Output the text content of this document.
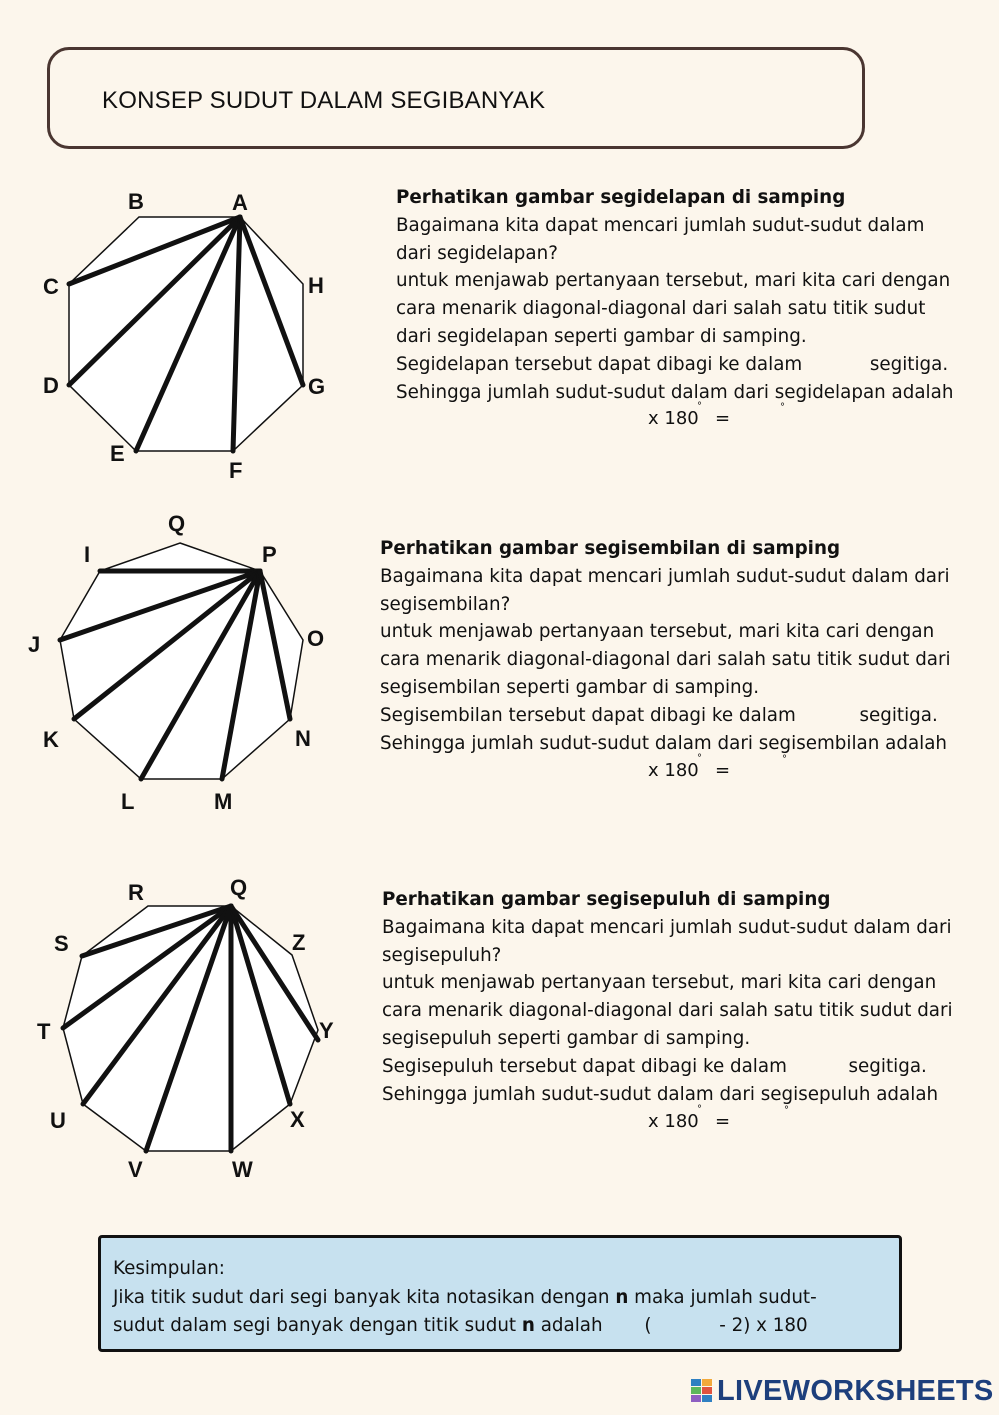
KONSEP SUDUT DALAM SEGIBANYAK
A
B
C
D
E
F
G
H

Perhatikan gambar segidelapan di samping

Bagaimana kita dapat mencari jumlah sudut-sudut dalam

dari segidelapan?

untuk menjawab pertanyaan tersebut, mari kita cari dengan

cara menarik diagonal-diagonal dari salah satu titik sudut

dari segidelapan seperti gambar di samping.

Segidelapan tersebut dapat dibagi ke dalam	segitiga.

Sehingga jumlah sudut-sudut dalam dari segidelapan adalah

x 180
°
=
°
Q
I	P
J	O
K	N
L	M

Perhatikan gambar segisembilan di samping

Bagaimana kita dapat mencari jumlah sudut-sudut dalam dari

segisembilan?

untuk menjawab pertanyaan tersebut, mari kita cari dengan

cara menarik diagonal-diagonal dari salah satu titik sudut dari

segisembilan seperti gambar di samping.

Segisembilan tersebut dapat dibagi ke dalam	segitiga.

Sehingga jumlah sudut-sudut dalam dari segisembilan adalah

x 180
°
=
°
R	Q
S	Z
T	Y
U	X
V	W

Perhatikan gambar segisepuluh di samping

Bagaimana kita dapat mencari jumlah sudut-sudut dalam dari

segisepuluh?

untuk menjawab pertanyaan tersebut, mari kita cari dengan

cara menarik diagonal-diagonal dari salah satu titik sudut dari

segisepuluh seperti gambar di samping.

Segisepuluh tersebut dapat dibagi ke dalam	segitiga.

Sehingga jumlah sudut-sudut dalam dari segisepuluh adalah

x 180
°
=
°

Kesimpulan:

Jika titik sudut dari segi banyak kita notasikan dengan n maka jumlah sudut-

sudut dalam segi banyak dengan titik sudut n adalah (	- 2) x 180

LIVEWORKSHEETS
